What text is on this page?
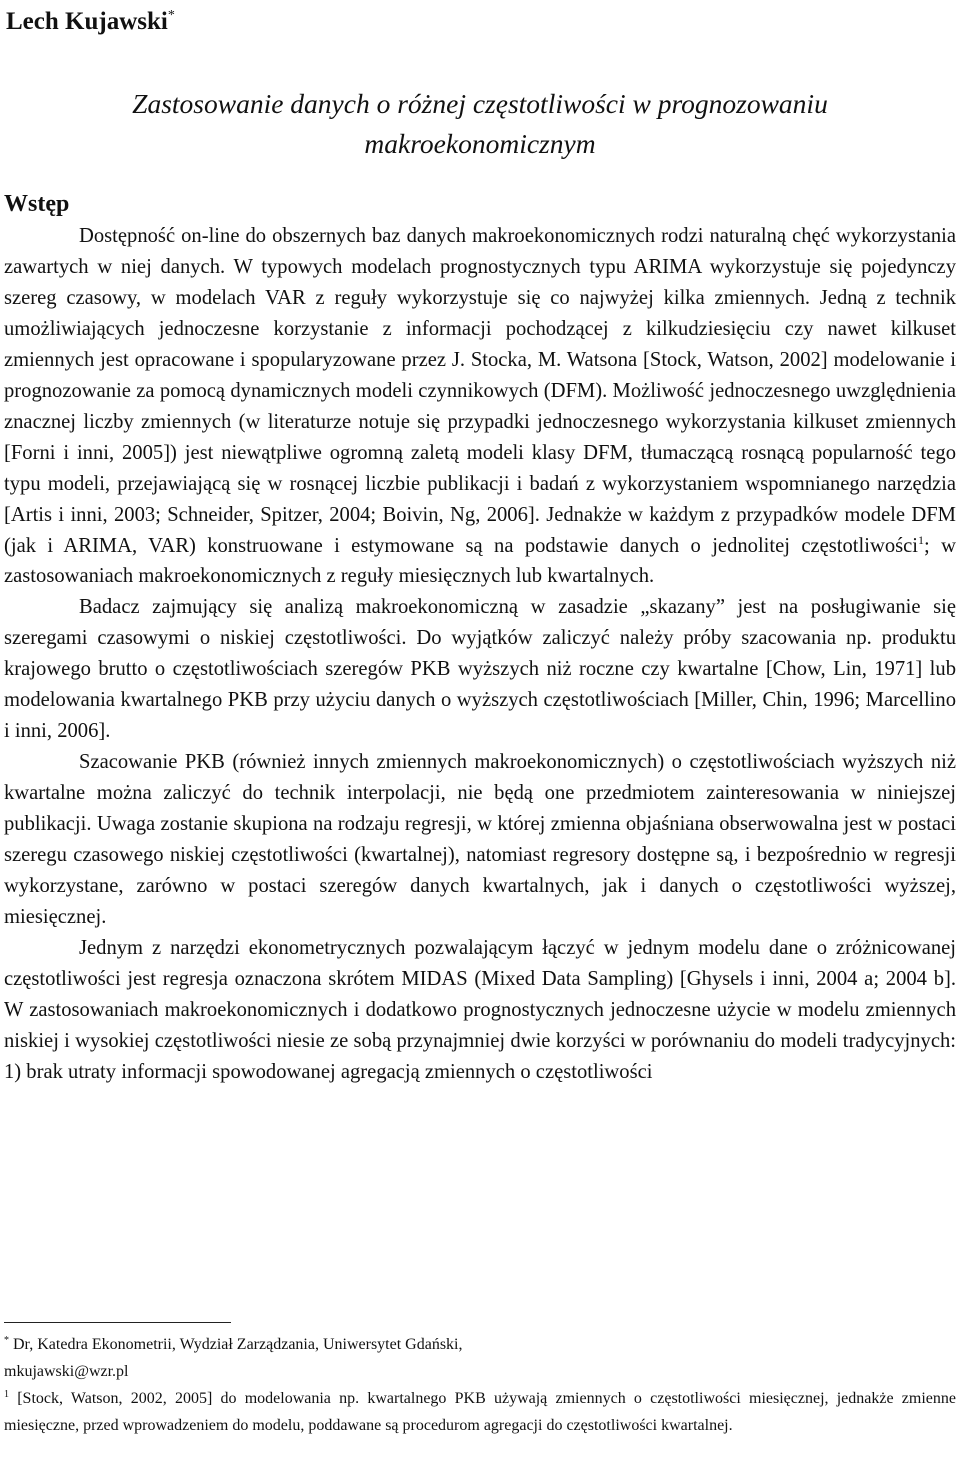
Lech Kujawski*
Zastosowanie danych o różnej częstotliwości w prognozowaniu
makroekonomicznym
Wstęp

Dostępność on-line do obszernych baz danych makroekonomicznych rodzi naturalną chęć wykorzystania zawartych w niej danych. W typowych modelach prognostycznych typu ARIMA wykorzystuje się pojedynczy szereg czasowy, w modelach VAR z reguły wykorzystuje się co najwyżej kilka zmiennych. Jedną z technik umożliwiających jednoczesne korzystanie z informacji pochodzącej z kilkudziesięciu czy nawet kilkuset zmiennych jest opracowane i spopularyzowane przez J. Stocka, M. Watsona [Stock, Watson, 2002] modelowanie i prognozowanie za pomocą dynamicznych modeli czynnikowych (DFM). Możliwość jednoczesnego uwzględnienia znacznej liczby zmiennych (w literaturze notuje się przypadki jednoczesnego wykorzystania kilkuset zmiennych [Forni i inni, 2005]) jest niewątpliwe ogromną zaletą modeli klasy DFM, tłumaczącą rosnącą popularność tego typu modeli, przejawiającą się w rosnącej liczbie publikacji i badań z wykorzystaniem wspomnianego narzędzia [Artis i inni, 2003; Schneider, Spitzer, 2004; Boivin, Ng, 2006]. Jednakże w każdym z przypadków modele DFM (jak i ARIMA, VAR) konstruowane i estymowane są na podstawie danych o jednolitej częstotliwości$^1$; w zastosowaniach makroekonomicznych z reguły miesięcznych lub kwartalnych.

Badacz zajmujący się analizą makroekonomiczną w zasadzie „skazany” jest na posługiwanie się szeregami czasowymi o niskiej częstotliwości. Do wyjątków zaliczyć należy próby szacowania np. produktu krajowego brutto o częstotliwościach szeregów PKB wyższych niż roczne czy kwartalne [Chow, Lin, 1971] lub modelowania kwartalnego PKB przy użyciu danych o wyższych częstotliwościach [Miller, Chin, 1996; Marcellino i inni, 2006].

Szacowanie PKB (również innych zmiennych makroekonomicznych) o częstotliwościach wyższych niż kwartalne można zaliczyć do technik interpolacji, nie będą one przedmiotem zainteresowania w niniejszej publikacji. Uwaga zostanie skupiona na rodzaju regresji, w której zmienna objaśniana obserwowalna jest w postaci szeregu czasowego niskiej częstotliwości (kwartalnej), natomiast regresory dostępne są, i bezpośrednio w regresji wykorzystane, zarówno w postaci szeregów danych kwartalnych, jak i danych o częstotliwości wyższej, miesięcznej.

Jednym z narzędzi ekonometrycznych pozwalającym łączyć w jednym modelu dane o zróżnicowanej częstotliwości jest regresja oznaczona skrótem MIDAS (Mixed Data Sampling) [Ghysels i inni, 2004 a; 2004 b]. W zastosowaniach makroekonomicznych i dodatkowo prognostycznych jednoczesne użycie w modelu zmiennych niskiej i wysokiej częstotliwości niesie ze sobą przynajmniej dwie korzyści w porównaniu do modeli tradycyjnych: 1) brak utraty informacji spowodowanej agregacją zmiennych o częstotliwości

* Dr, Katedra Ekonometrii, Wydział Zarządzania, Uniwersytet Gdański,

mkujawski@wzr.pl

$^1$ [Stock, Watson, 2002, 2005] do modelowania np. kwartalnego PKB używają zmiennych o częstotliwości miesięcznej, jednakże zmienne miesięczne, przed wprowadzeniem do modelu, poddawane są procedurom agregacji do częstotliwości kwartalnej.
